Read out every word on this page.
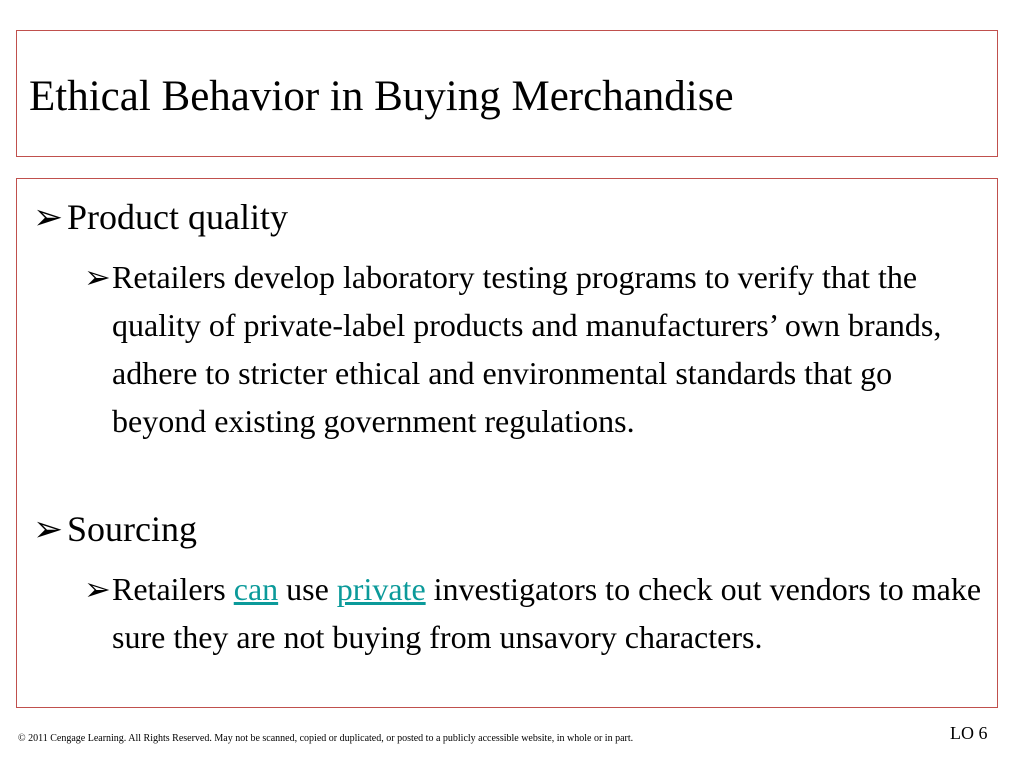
Ethical Behavior in Buying Merchandise
➢ Product quality
➢ Retailers develop laboratory testing programs to verify that the quality of private-label products and manufacturers’ own brands, adhere to stricter ethical and environmental standards that go beyond existing government regulations.
➢ Sourcing
➢ Retailers can use private investigators to check out vendors to make sure they are not buying from unsavory characters.
© 2011 Cengage Learning. All Rights Reserved. May not be scanned, copied or duplicated, or posted to a publicly accessible website, in whole or in part.	LO 6
